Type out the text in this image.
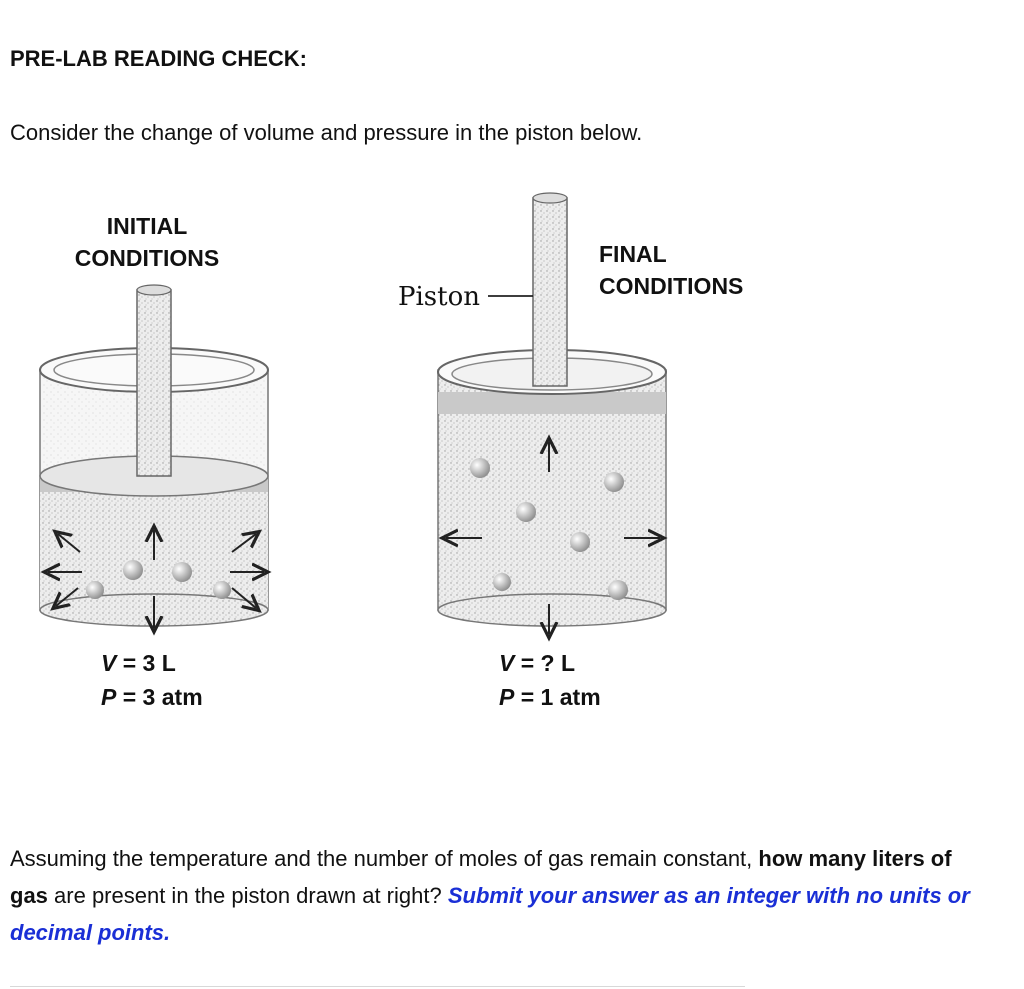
PRE-LAB READING CHECK:
Consider the change of volume and pressure in the piston below.
INITIAL
CONDITIONS	FINAL
CONDITIONS
Piston
V = 3 L
P = 3 atm
V = ? L
P = 1 atm
Assuming the temperature and the number of moles of gas remain constant, how many liters of gas are present in the piston drawn at right? Submit your answer as an integer with no units or decimal points.
